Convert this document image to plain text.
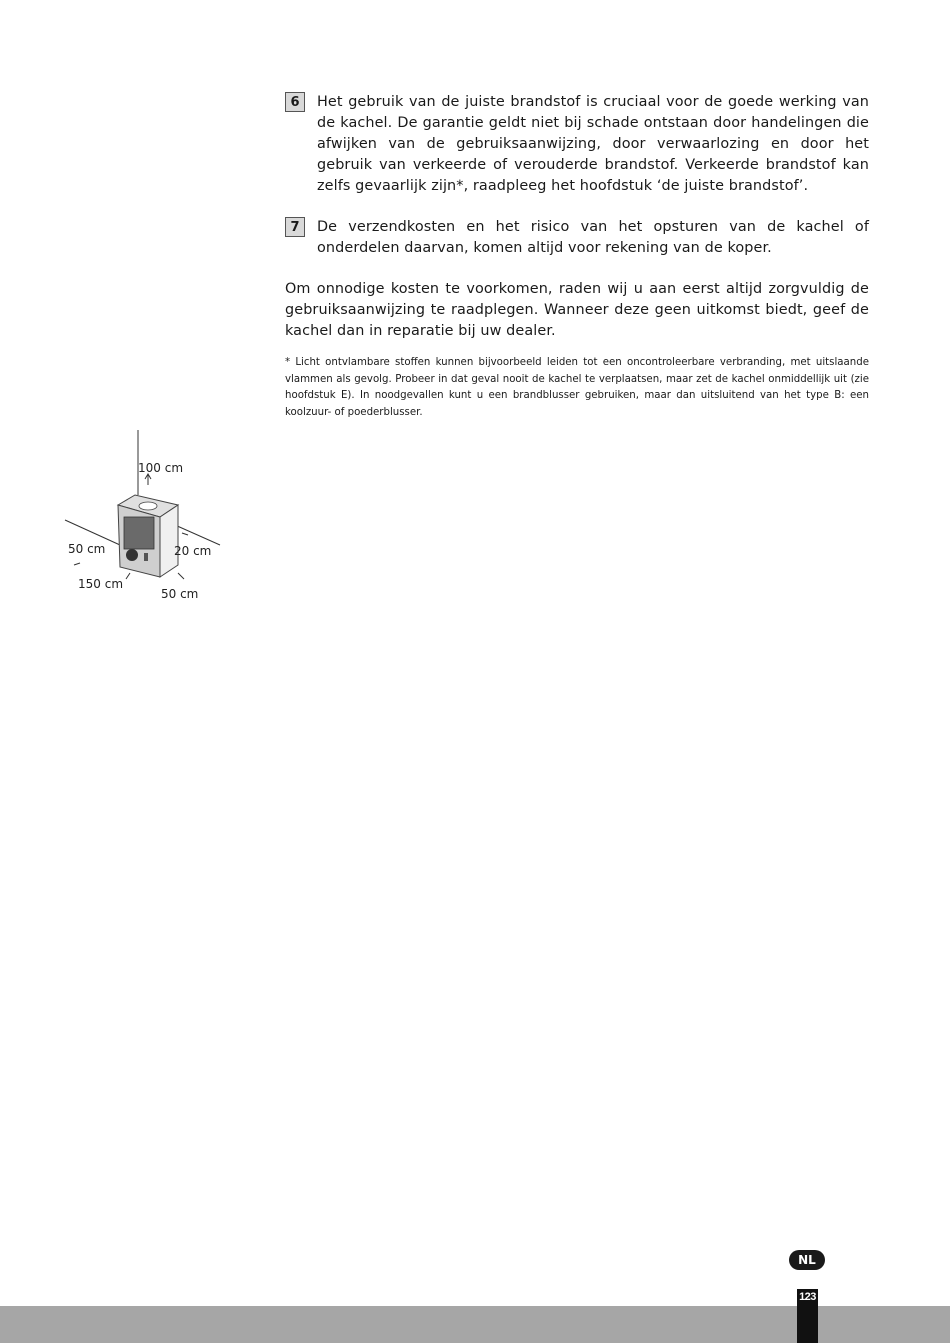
6	Het gebruik van de juiste brandstof is cruciaal voor de goede werking van de kachel. De garantie geldt niet bij schade ontstaan door handelingen die afwijken van de gebruiksaanwijzing, door verwaarlozing en door het gebruik van verkeerde of verouderde brandstof. Verkeerde brandstof kan zelfs gevaarlijk zijn*, raadpleeg het hoofdstuk ‘de juiste brandstof’.

7	De verzendkosten en het risico van het opsturen van de kachel of onderdelen daarvan, komen altijd voor rekening van de koper.

Om onnodige kosten te voorkomen, raden wij u aan eerst altijd zorgvuldig de gebruiksaanwijzing te raadplegen. Wanneer deze geen uitkomst biedt, geef de kachel dan in reparatie bij uw dealer.

* Licht ontvlambare stoffen kunnen bijvoorbeeld leiden tot een oncontroleerbare verbranding, met uitslaande vlammen als gevolg. Probeer in dat geval nooit de kachel te verplaatsen, maar zet de kachel onmiddellijk uit (zie hoofdstuk E). In noodgevallen kunt u een brandblusser gebruiken, maar dan uitsluitend van het type B: een koolzuur- of poederblusser.

100 cm
50 cm	20 cm
150 cm
50 cm
NL
123
